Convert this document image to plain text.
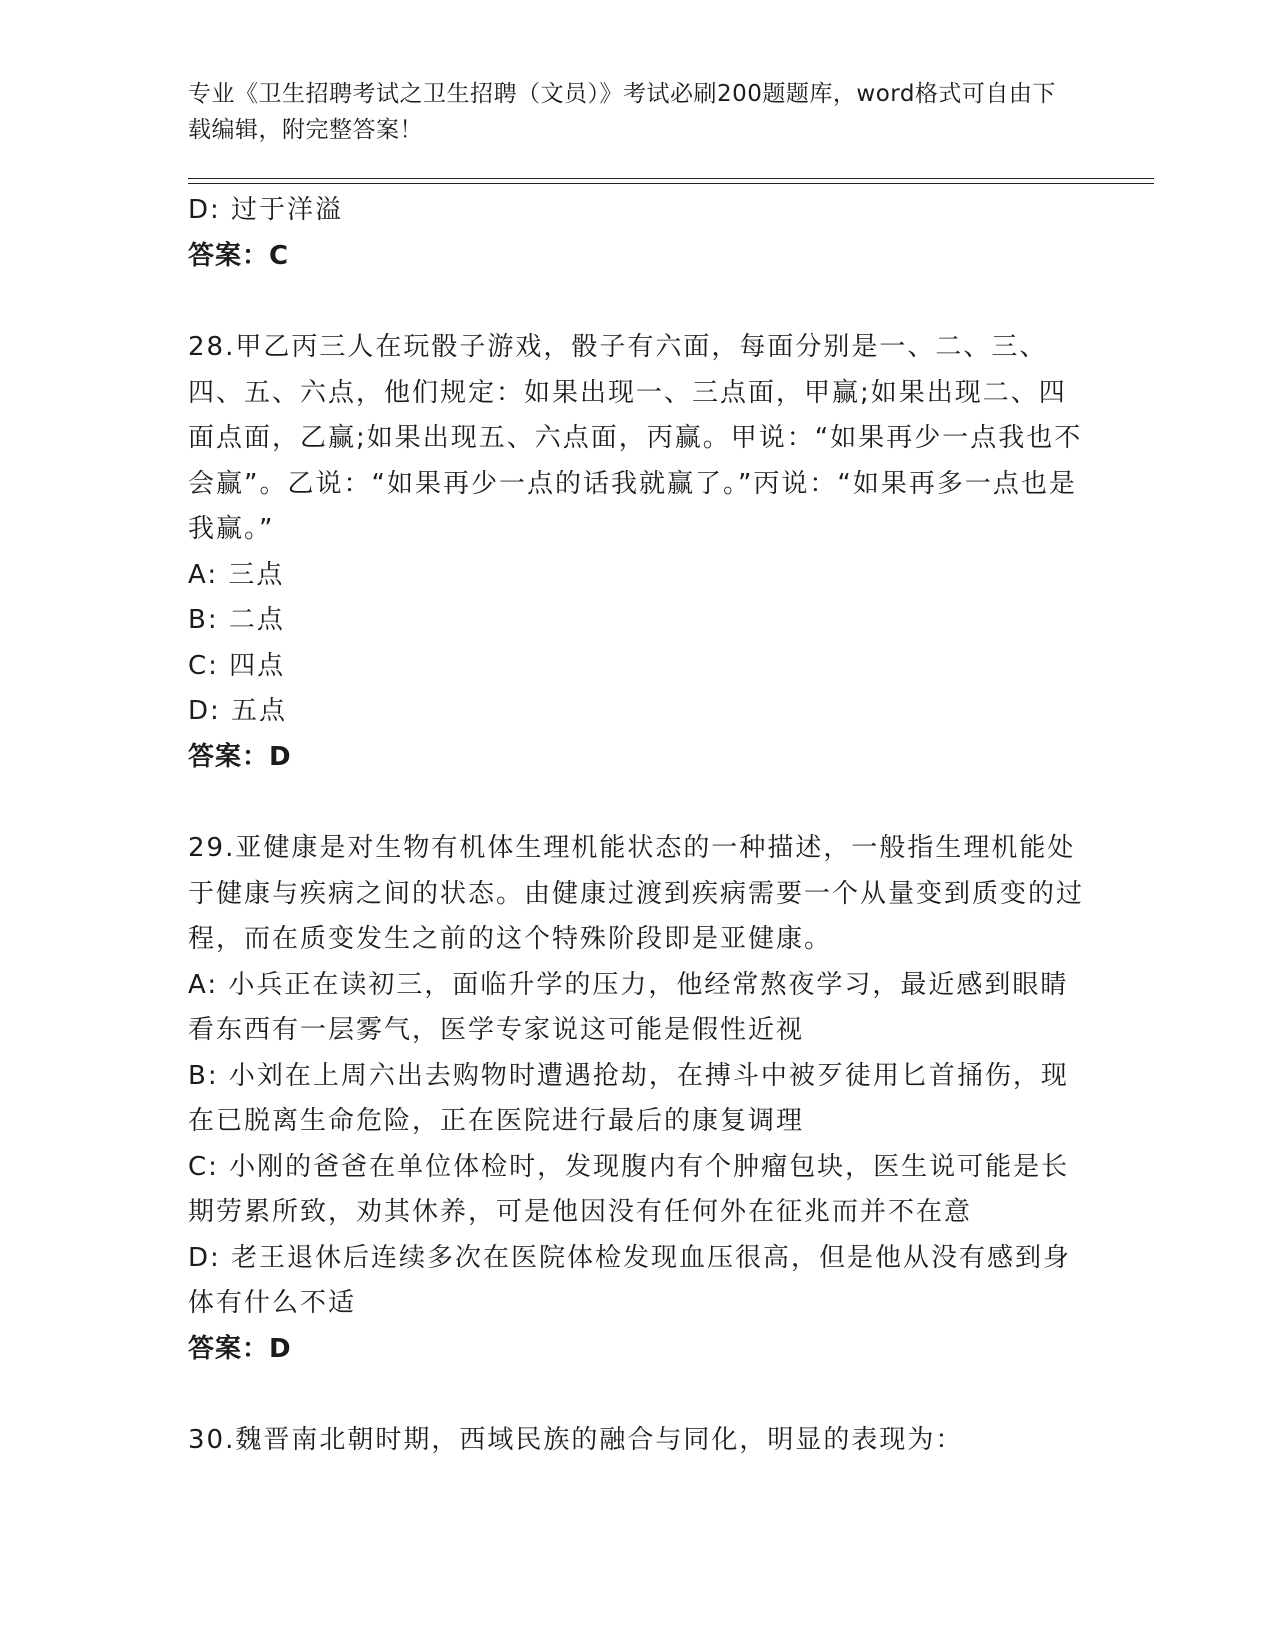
专业《卫生招聘考试之卫生招聘（文员）》考试必刷200题题库，word格式可自由下载编辑，附完整答案！
D: 过于洋溢
答案：C
28.甲乙丙三人在玩骰子游戏，骰子有六面，每面分别是一、二、三、四、五、六点，他们规定：如果出现一、三点面，甲赢;如果出现二、四面点面，乙赢;如果出现五、六点面，丙赢。甲说：“如果再少一点我也不会赢”。乙说：“如果再少一点的话我就赢了。”丙说：“如果再多一点也是我赢。”
A: 三点
B: 二点
C: 四点
D: 五点
答案：D
29.亚健康是对生物有机体生理机能状态的一种描述，一般指生理机能处于健康与疾病之间的状态。由健康过渡到疾病需要一个从量变到质变的过程，而在质变发生之前的这个特殊阶段即是亚健康。
A: 小兵正在读初三，面临升学的压力，他经常熬夜学习，最近感到眼睛看东西有一层雾气，医学专家说这可能是假性近视
B: 小刘在上周六出去购物时遭遇抢劫，在搏斗中被歹徒用匕首捅伤，现在已脱离生命危险，正在医院进行最后的康复调理
C: 小刚的爸爸在单位体检时，发现腹内有个肿瘤包块，医生说可能是长期劳累所致，劝其休养，可是他因没有任何外在征兆而并不在意
D: 老王退休后连续多次在医院体检发现血压很高，但是他从没有感到身体有什么不适
答案：D
30.魏晋南北朝时期，西域民族的融合与同化，明显的表现为：
